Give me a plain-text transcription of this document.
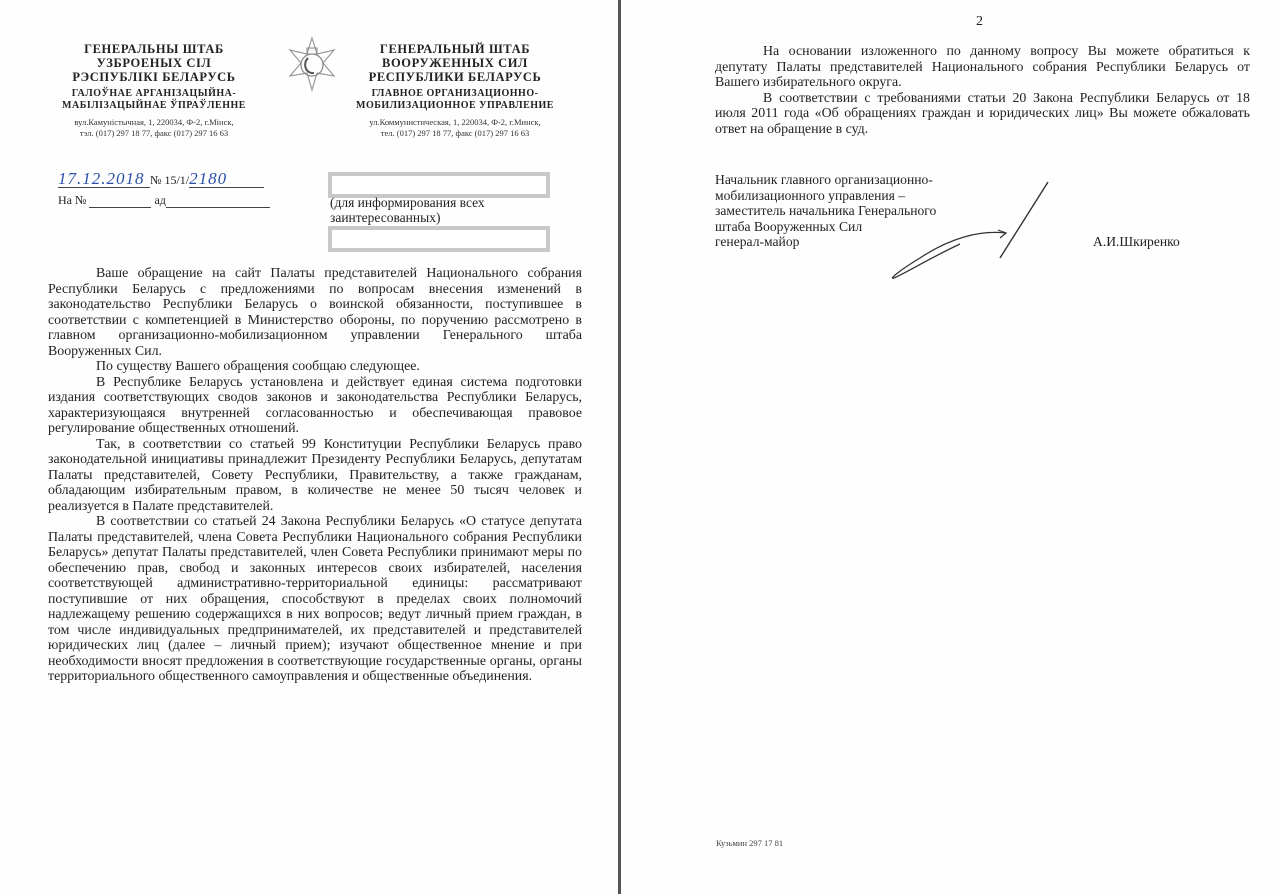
ГЕНЕРАЛЬНЫ ШТАБ
УЗБРОЕНЫХ СІЛ
РЭСПУБЛІКІ БЕЛАРУСЬ
ГАЛОЎНАЕ АРГАНІЗАЦЫЙНА-
МАБІЛІЗАЦЫЙНАЕ ЎПРАЎЛЕННЕ
вул.Камуністычная, 1, 220034, Ф-2, г.Мінск,
тэл. (017) 297 18 77, факс (017) 297 16 63
ГЕНЕРАЛЬНЫЙ ШТАБ
ВООРУЖЕННЫХ СИЛ
РЕСПУБЛИКИ БЕЛАРУСЬ
ГЛАВНОЕ ОРГАНИЗАЦИОННО-
МОБИЛИЗАЦИОННОЕ УПРАВЛЕНИЕ
ул.Коммунистическая, 1, 220034, Ф-2, г.Минск,
тел. (017) 297 18 77, факс (017) 297 16 63
17.12.2018 № 15/1/2180
На №	ад	(для информирования всех заинтересованных)

Ваше обращение на сайт Палаты представителей Национального собрания Республики Беларусь с предложениями по вопросам внесения изменений в законодательство Республики Беларусь о воинской обязанности, поступившее в соответствии с компетенцией в Министерство обороны, по поручению рассмотрено в главном организационно-мобилизационном управлении Генерального штаба Вооруженных Сил.

По существу Вашего обращения сообщаю следующее.

В Республике Беларусь установлена и действует единая система подготовки издания соответствующих сводов законов и законодательства Республики Беларусь, характеризующаяся внутренней согласованностью и обеспечивающая правовое регулирование общественных отношений.

Так, в соответствии со статьей 99 Конституции Республики Беларусь право законодательной инициативы принадлежит Президенту Республики Беларусь, депутатам Палаты представителей, Совету Республики, Правительству, а также гражданам, обладающим избирательным правом, в количестве не менее 50 тысяч человек и реализуется в Палате представителей.

В соответствии со статьей 24 Закона Республики Беларусь «О статусе депутата Палаты представителей, члена Совета Республики Национального собрания Республики Беларусь» депутат Палаты представителей, член Совета Республики принимают меры по обеспечению прав, свобод и законных интересов своих избирателей, населения соответствующей административно-территориальной единицы: рассматривают поступившие от них обращения, способствуют в пределах своих полномочий надлежащему решению содержащихся в них вопросов; ведут личный прием граждан, в том числе индивидуальных предпринимателей, их представителей и представителей юридических лиц (далее – личный прием); изучают общественное мнение и при необходимости вносят предложения в соответствующие государственные органы, органы территориального общественного самоуправления и общественные объединения.

2

На основании изложенного по данному вопросу Вы можете обратиться к депутату Палаты представителей Национального собрания Республики Беларусь от Вашего избирательного округа.

В соответствии с требованиями статьи 20 Закона Республики Беларусь от 18 июля 2011 года «Об обращениях граждан и юридических лиц» Вы можете обжаловать ответ на обращение в суд.

Начальник главного организационно-
мобилизационного управления –
заместитель начальника Генерального
штаба Вооруженных Сил
генерал-майор	А.И.Шкиренко
Кузьмин 297 17 81
